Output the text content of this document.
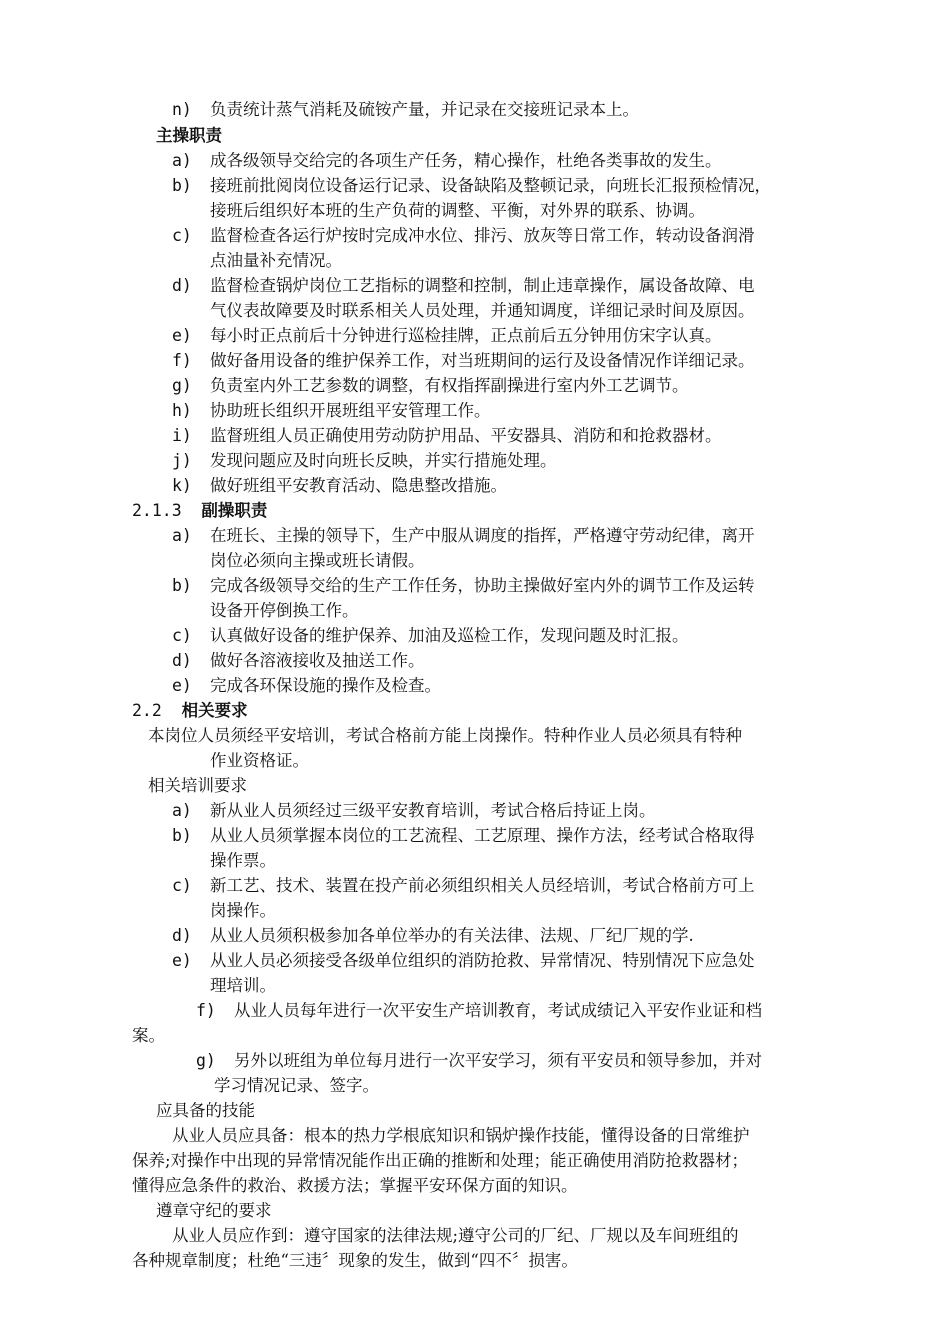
n) 负责统计蒸气消耗及硫铵产量，并记录在交接班记录本上。
主操职责
a) 成各级领导交给完的各项生产任务，精心操作，杜绝各类事故的发生。
b) 接班前批阅岗位设备运行记录、设备缺陷及整顿记录，向班长汇报预检情况，
接班后组织好本班的生产负荷的调整、平衡，对外界的联系、协调。
c) 监督检查各运行炉按时完成冲水位、排污、放灰等日常工作，转动设备润滑
点油量补充情况。
d) 监督检查锅炉岗位工艺指标的调整和控制，制止违章操作，属设备故障、电
气仪表故障要及时联系相关人员处理，并通知调度，详细记录时间及原因。
e) 每小时正点前后十分钟进行巡检挂牌，正点前后五分钟用仿宋字认真。
f) 做好备用设备的维护保养工作，对当班期间的运行及设备情况作详细记录。
g) 负责室内外工艺参数的调整，有权指挥副操进行室内外工艺调节。
h) 协助班长组织开展班组平安管理工作。
i) 监督班组人员正确使用劳动防护用品、平安器具、消防和和抢救器材。
j) 发现问题应及时向班长反映，并实行措施处理。
k) 做好班组平安教育活动、隐患整改措施。
2.1.3 副操职责
a) 在班长、主操的领导下，生产中服从调度的指挥，严格遵守劳动纪律，离开
岗位必须向主操或班长请假。
b) 完成各级领导交给的生产工作任务，协助主操做好室内外的调节工作及运转
设备开停倒换工作。
c) 认真做好设备的维护保养、加油及巡检工作，发现问题及时汇报。
d) 做好各溶液接收及抽送工作。
e) 完成各环保设施的操作及检查。
2.2 相关要求
本岗位人员须经平安培训，考试合格前方能上岗操作。特种作业人员必须具有特种
作业资格证。
相关培训要求
a) 新从业人员须经过三级平安教育培训，考试合格后持证上岗。
b) 从业人员须掌握本岗位的工艺流程、工艺原理、操作方法，经考试合格取得
操作票。
c) 新工艺、技术、装置在投产前必须组织相关人员经培训，考试合格前方可上
岗操作。
d) 从业人员须积极参加各单位举办的有关法律、法规、厂纪厂规的学.
e) 从业人员必须接受各级单位组织的消防抢救、异常情况、特别情况下应急处
理培训。
f) 从业人员每年进行一次平安生产培训教育，考试成绩记入平安作业证和档
案。
g) 另外以班组为单位每月进行一次平安学习，须有平安员和领导参加，并对
学习情况记录、签字。
应具备的技能
从业人员应具备：根本的热力学根底知识和锅炉操作技能，懂得设备的日常维护
保养;对操作中出现的异常情况能作出正确的推断和处理；能正确使用消防抢救器材；
懂得应急条件的救治、救援方法；掌握平安环保方面的知识。
遵章守纪的要求
从业人员应作到：遵守国家的法律法规;遵守公司的厂纪、厂规以及车间班组的
各种规章制度；杜绝“三违〞现象的发生，做到“四不〞损害。
